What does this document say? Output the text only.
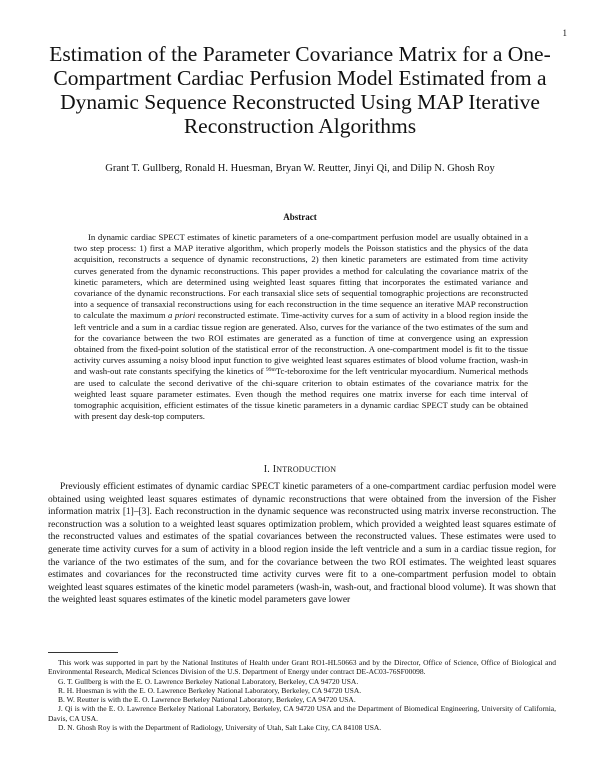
1
Estimation of the Parameter Covariance Matrix for a One-Compartment Cardiac Perfusion Model Estimated from a Dynamic Sequence Reconstructed Using MAP Iterative Reconstruction Algorithms
Grant T. Gullberg, Ronald H. Huesman, Bryan W. Reutter, Jinyi Qi, and Dilip N. Ghosh Roy
Abstract

In dynamic cardiac SPECT estimates of kinetic parameters of a one-compartment perfusion model are usually obtained in a two step process: 1) first a MAP iterative algorithm, which properly models the Poisson statistics and the physics of the data acquisition, reconstructs a sequence of dynamic reconstructions, 2) then kinetic parameters are estimated from time activity curves generated from the dynamic reconstructions. This paper provides a method for calculating the covariance matrix of the kinetic parameters, which are determined using weighted least squares fitting that incorporates the estimated variance and covariance of the dynamic reconstructions. For each transaxial slice sets of sequential tomographic projections are reconstructed into a sequence of transaxial reconstructions using for each reconstruction in the time sequence an iterative MAP reconstruction to calculate the maximum a priori reconstructed estimate. Time-activity curves for a sum of activity in a blood region inside the left ventricle and a sum in a cardiac tissue region are generated. Also, curves for the variance of the two estimates of the sum and for the covariance between the two ROI estimates are generated as a function of time at convergence using an expression obtained from the fixed-point solution of the statistical error of the reconstruction. A one-compartment model is fit to the tissue activity curves assuming a noisy blood input function to give weighted least squares estimates of blood volume fraction, wash-in and wash-out rate constants specifying the kinetics of $^{99m}$Tc-teboroxime for the left ventricular myocardium. Numerical methods are used to calculate the second derivative of the chi-square criterion to obtain estimates of the covariance matrix for the weighted least square parameter estimates. Even though the method requires one matrix inverse for each time interval of tomographic acquisition, efficient estimates of the tissue kinetic parameters in a dynamic cardiac SPECT study can be obtained with present day desk-top computers.

I. INTRODUCTION

Previously efficient estimates of dynamic cardiac SPECT kinetic parameters of a one-compartment cardiac perfusion model were obtained using weighted least squares estimates of dynamic reconstructions that were obtained from the inversion of the Fisher information matrix [1]–[3]. Each reconstruction in the dynamic sequence was reconstructed using matrix inverse reconstruction. The reconstruction was a solution to a weighted least squares optimization problem, which provided a weighted least squares estimate of the reconstructed values and estimates of the spatial covariances between the reconstructed values. These estimates were used to generate time activity curves for a sum of activity in a blood region inside the left ventricle and a sum in a cardiac tissue region, for the variance of the two estimates of the sum, and for the covariance between the two ROI estimates. The weighted least squares estimates and covariances for the reconstructed time activity curves were fit to a one-compartment perfusion model to obtain weighted least squares estimates of the kinetic model parameters (wash-in, wash-out, and fractional blood volume). It was shown that the weighted least squares estimates of the kinetic model parameters gave lower

This work was supported in part by the National Institutes of Health under Grant RO1-HL50663 and by the Director, Office of Science, Office of Biological and Environmental Research, Medical Sciences Division of the U.S. Department of Energy under contract DE-AC03-76SF00098.

G. T. Gullberg is with the E. O. Lawrence Berkeley National Laboratory, Berkeley, CA 94720 USA.

R. H. Huesman is with the E. O. Lawrence Berkeley National Laboratory, Berkeley, CA 94720 USA.

B. W. Reutter is with the E. O. Lawrence Berkeley National Laboratory, Berkeley, CA 94720 USA.

J. Qi is with the E. O. Lawrence Berkeley National Laboratory, Berkeley, CA 94720 USA and the Department of Biomedical Engineering, University of California, Davis, CA USA.

D. N. Ghosh Roy is with the Department of Radiology, University of Utah, Salt Lake City, CA 84108 USA.
